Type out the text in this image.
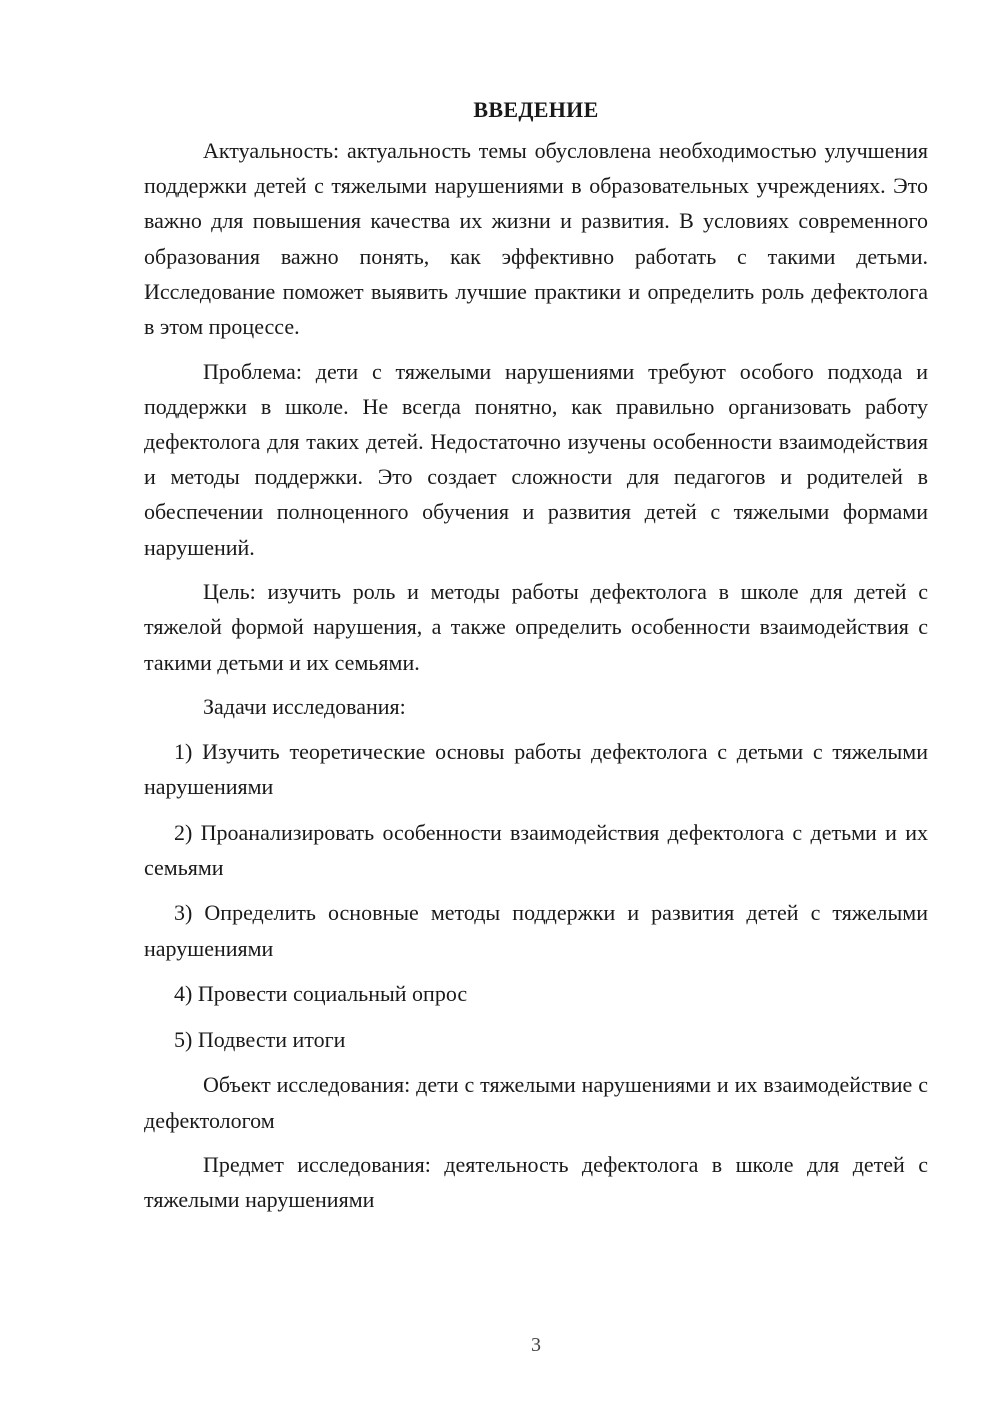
ВВЕДЕНИЕ

Актуальность: актуальность темы обусловлена необходимостью улучшения поддержки детей с тяжелыми нарушениями в образовательных учреждениях. Это важно для повышения качества их жизни и развития. В условиях современного образования важно понять, как эффективно работать с такими детьми. Исследование поможет выявить лучшие практики и определить роль дефектолога в этом процессе.

Проблема: дети с тяжелыми нарушениями требуют особого подхода и поддержки в школе. Не всегда понятно, как правильно организовать работу дефектолога для таких детей. Недостаточно изучены особенности взаимодействия и методы поддержки. Это создает сложности для педагогов и родителей в обеспечении полноценного обучения и развития детей с тяжелыми формами нарушений.

Цель: изучить роль и методы работы дефектолога в школе для детей с тяжелой формой нарушения, а также определить особенности взаимодействия с такими детьми и их семьями.

Задачи исследования:

1) Изучить теоретические основы работы дефектолога с детьми с тяжелыми нарушениями

2) Проанализировать особенности взаимодействия дефектолога с детьми и их семьями

3) Определить основные методы поддержки и развития детей с тяжелыми нарушениями

4) Провести социальный опрос

5) Подвести итоги

Объект исследования: дети с тяжелыми нарушениями и их взаимодействие с дефектологом

Предмет исследования: деятельность дефектолога в школе для детей с тяжелыми нарушениями

3
